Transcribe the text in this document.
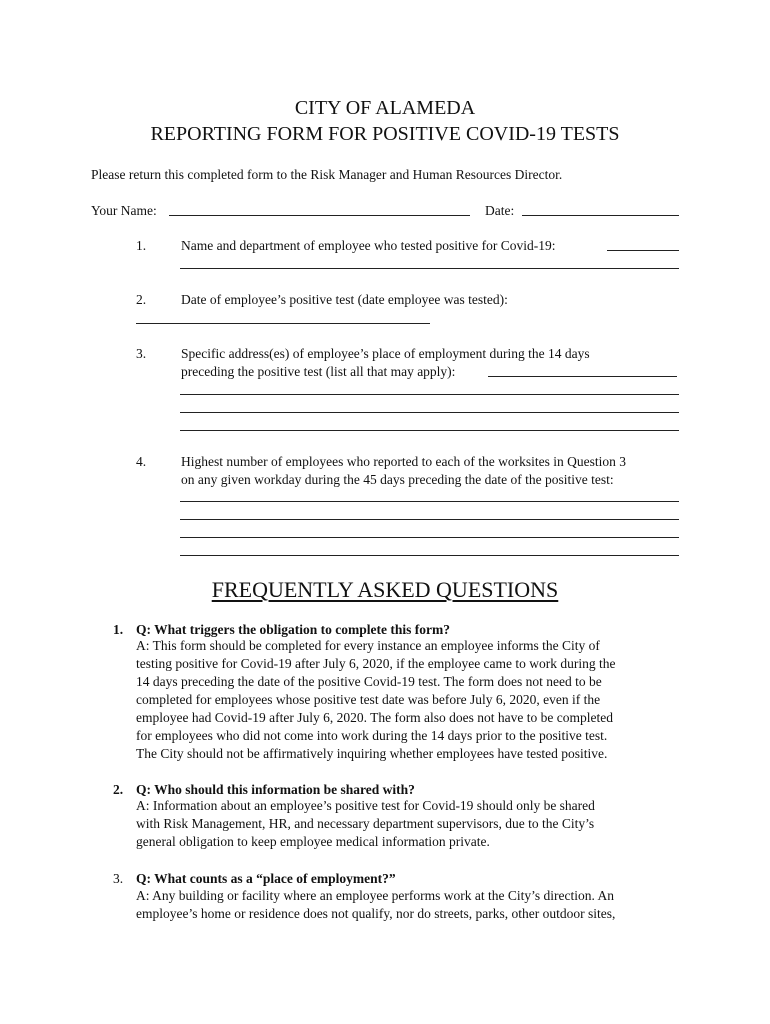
CITY OF ALAMEDA
REPORTING FORM FOR POSITIVE COVID-19 TESTS
Please return this completed form to the Risk Manager and Human Resources Director.
Your Name:	Date:
1.	Name and department of employee who tested positive for Covid-19:
2.	Date of employee’s positive test (date employee was tested):
3.	Specific address(es) of employee’s place of employment during the 14 days
preceding the positive test (list all that may apply):
4.	Highest number of employees who reported to each of the worksites in Question 3
on any given workday during the 45 days preceding the date of the positive test:
FREQUENTLY ASKED QUESTIONS
1. Q: What triggers the obligation to complete this form?
A: This form should be completed for every instance an employee informs the City of
testing positive for Covid-19 after July 6, 2020, if the employee came to work during the
14 days preceding the date of the positive Covid-19 test. The form does not need to be
completed for employees whose positive test date was before July 6, 2020, even if the
employee had Covid-19 after July 6, 2020. The form also does not have to be completed
for employees who did not come into work during the 14 days prior to the positive test.
The City should not be affirmatively inquiring whether employees have tested positive.
2. Q: Who should this information be shared with?
A: Information about an employee’s positive test for Covid-19 should only be shared
with Risk Management, HR, and necessary department supervisors, due to the City’s
general obligation to keep employee medical information private.
3. Q: What counts as a “place of employment?”
A: Any building or facility where an employee performs work at the City’s direction. An
employee’s home or residence does not qualify, nor do streets, parks, other outdoor sites,
